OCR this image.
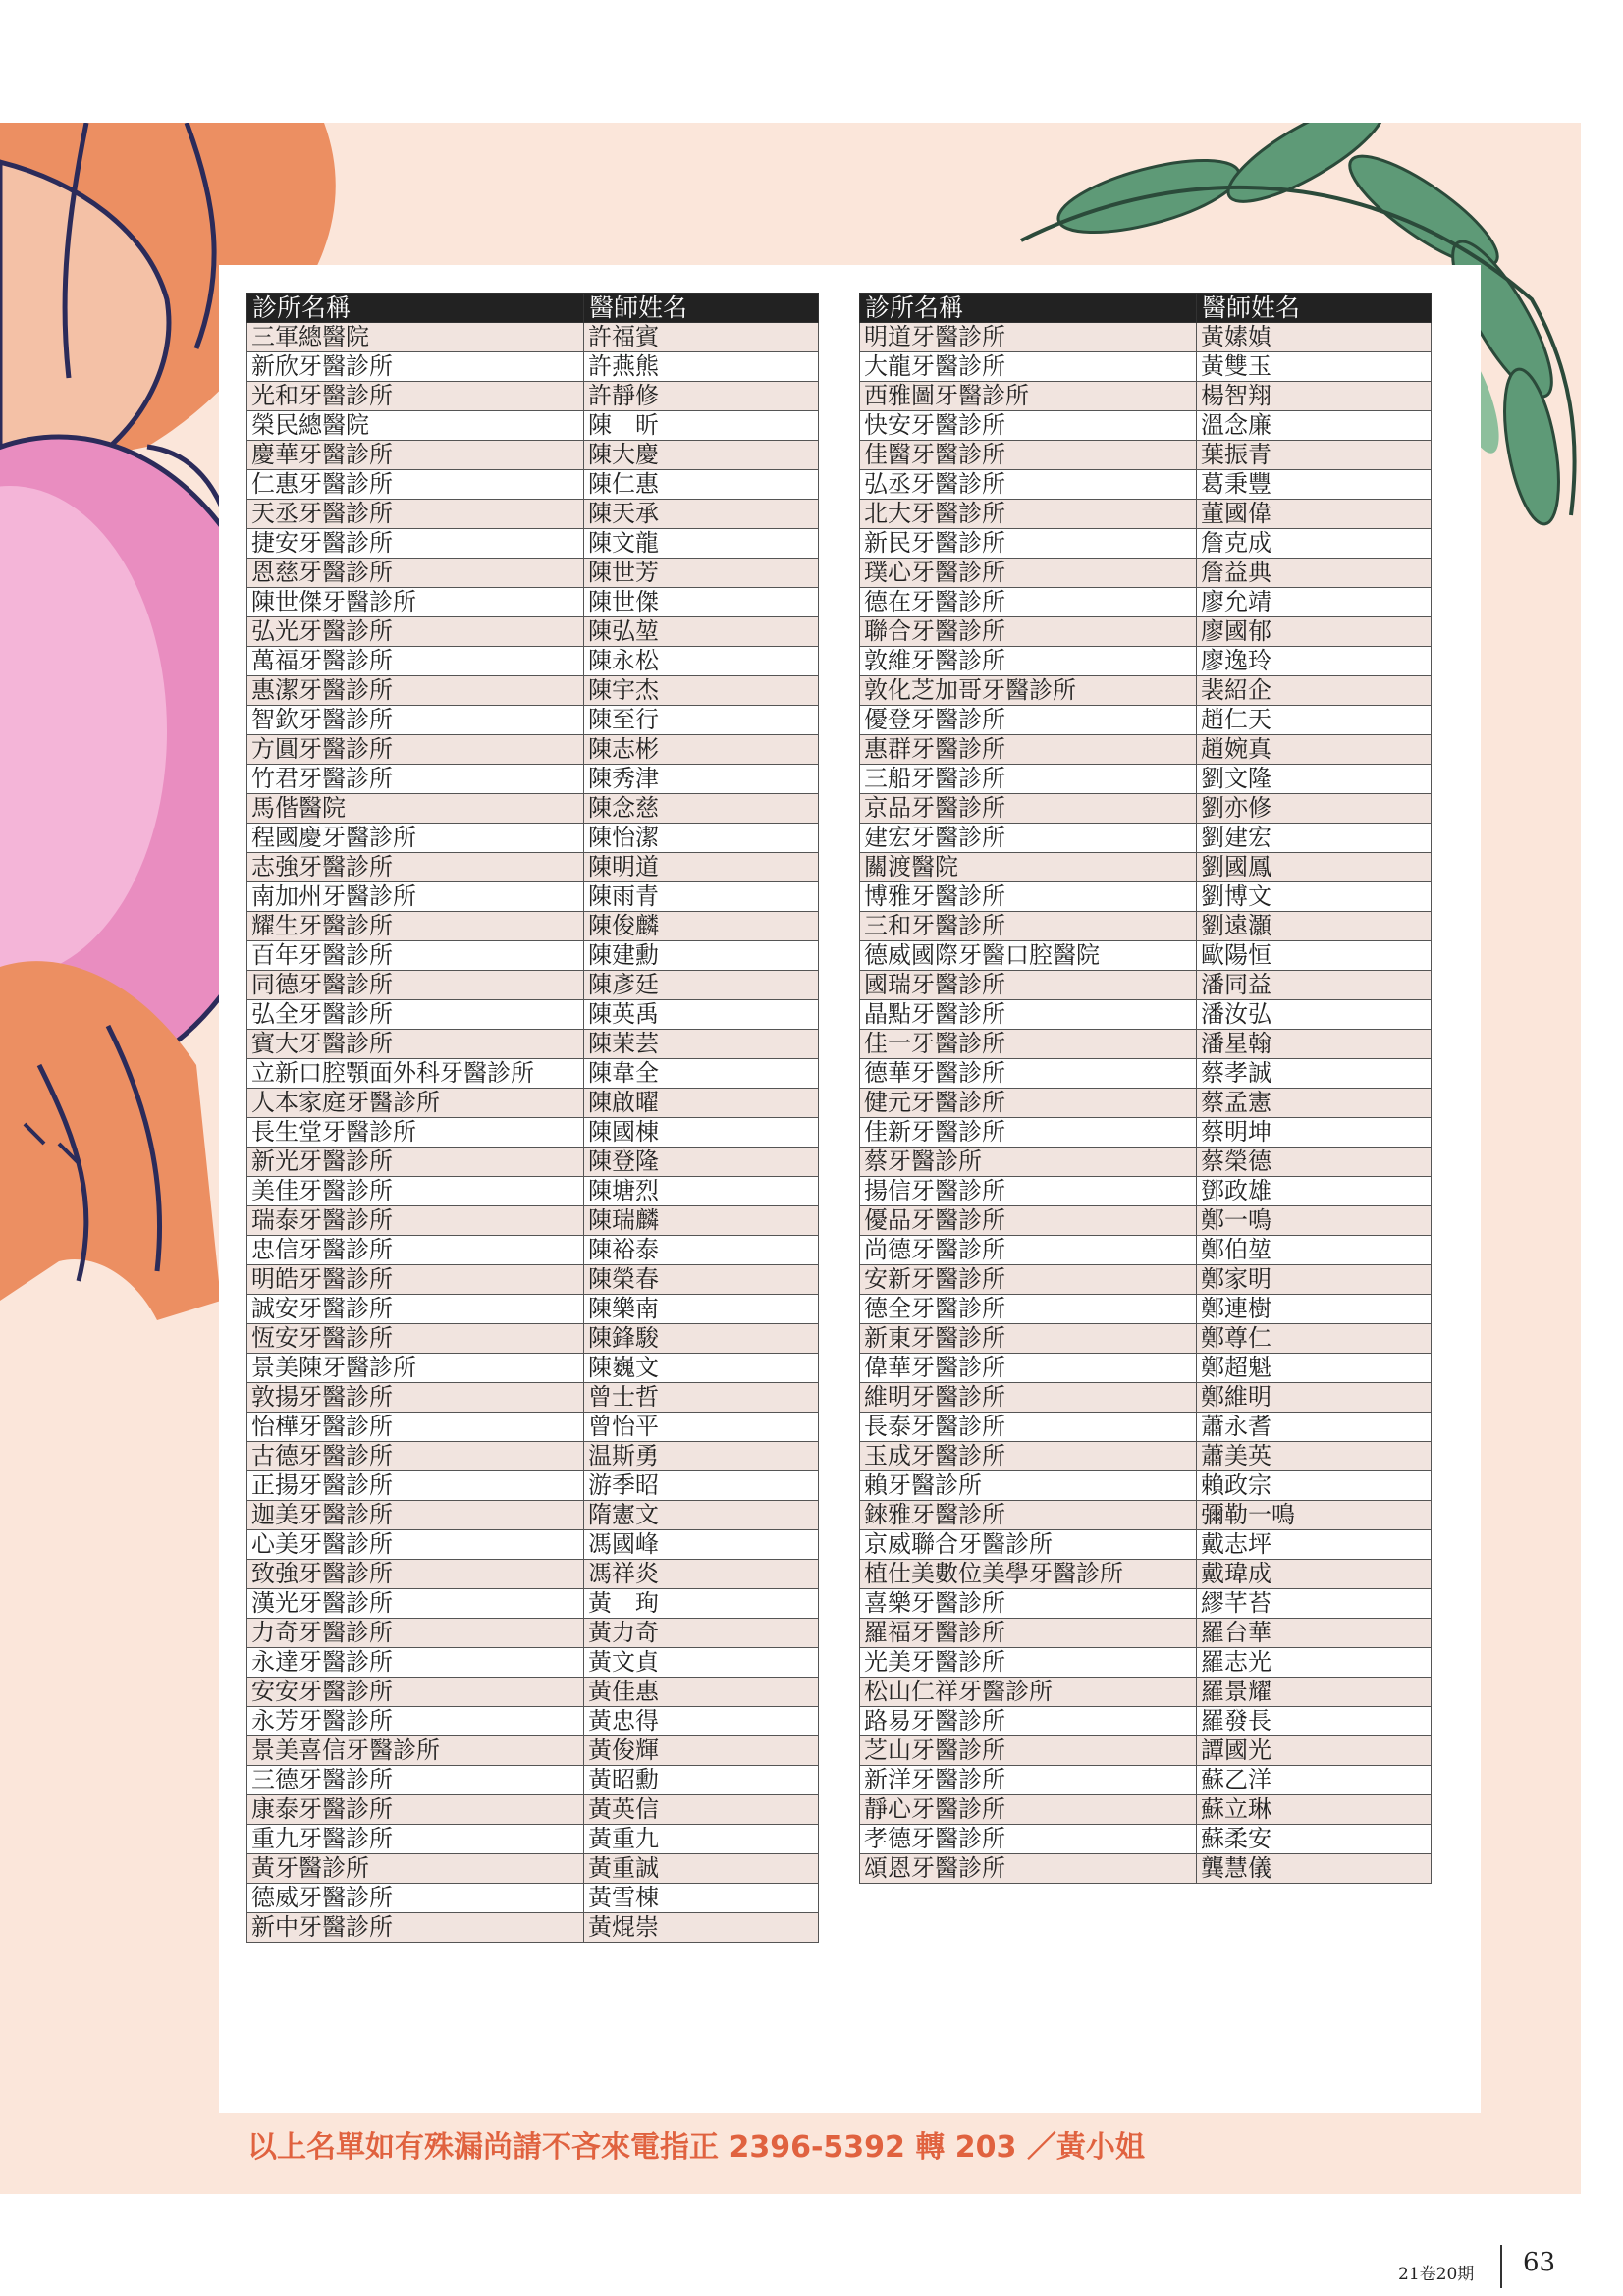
診所名稱	醫師姓名
三軍總醫院	許福賓
新欣牙醫診所	許燕熊
光和牙醫診所	許靜修
榮民總醫院	陳　昕
慶華牙醫診所	陳大慶
仁惠牙醫診所	陳仁惠
天丞牙醫診所	陳天承
捷安牙醫診所	陳文龍
恩慈牙醫診所	陳世芳
陳世傑牙醫診所	陳世傑
弘光牙醫診所	陳弘堃
萬福牙醫診所	陳永松
惠潔牙醫診所	陳宇杰
智欽牙醫診所	陳至行
方圓牙醫診所	陳志彬
竹君牙醫診所	陳秀津
馬偕醫院	陳念慈
程國慶牙醫診所	陳怡潔
志強牙醫診所	陳明道
南加州牙醫診所	陳雨青
耀生牙醫診所	陳俊麟
百年牙醫診所	陳建勳
同德牙醫診所	陳彥廷
弘全牙醫診所	陳英禹
賓大牙醫診所	陳茉芸
立新口腔顎面外科牙醫診所	陳韋全
人本家庭牙醫診所	陳啟曜
長生堂牙醫診所	陳國棟
新光牙醫診所	陳登隆
美佳牙醫診所	陳塘烈
瑞泰牙醫診所	陳瑞麟
忠信牙醫診所	陳裕泰
明皓牙醫診所	陳榮春
誠安牙醫診所	陳樂南
恆安牙醫診所	陳鋒駿
景美陳牙醫診所	陳巍文
敦揚牙醫診所	曾士哲
怡樺牙醫診所	曾怡平
古德牙醫診所	温斯勇
正揚牙醫診所	游季昭
迦美牙醫診所	隋憲文
心美牙醫診所	馮國峰
致強牙醫診所	馮祥炎
漢光牙醫診所	黃　珣
力奇牙醫診所	黃力奇
永達牙醫診所	黃文貞
安安牙醫診所	黃佳惠
永芳牙醫診所	黃忠得
景美喜信牙醫診所	黃俊輝
三德牙醫診所	黃昭勳
康泰牙醫診所	黃英信
重九牙醫診所	黃重九
黃牙醫診所	黃重誠
德威牙醫診所	黃雪棟
新中牙醫診所	黃焜崇
診所名稱	醫師姓名
明道牙醫診所	黃嫊媜
大龍牙醫診所	黃雙玉
西雅圖牙醫診所	楊智翔
快安牙醫診所	溫念廉
佳醫牙醫診所	葉振青
弘丞牙醫診所	葛秉豐
北大牙醫診所	董國偉
新民牙醫診所	詹克成
璞心牙醫診所	詹益典
德在牙醫診所	廖允靖
聯合牙醫診所	廖國郁
敦維牙醫診所	廖逸玲
敦化芝加哥牙醫診所	裴紹企
優登牙醫診所	趙仁天
惠群牙醫診所	趙婉真
三船牙醫診所	劉文隆
京品牙醫診所	劉亦修
建宏牙醫診所	劉建宏
關渡醫院	劉國鳳
博雅牙醫診所	劉博文
三和牙醫診所	劉遠灝
德威國際牙醫口腔醫院	歐陽恒
國瑞牙醫診所	潘同益
晶點牙醫診所	潘汝弘
佳一牙醫診所	潘星翰
德華牙醫診所	蔡孝誠
健元牙醫診所	蔡孟憲
佳新牙醫診所	蔡明坤
蔡牙醫診所	蔡榮德
揚信牙醫診所	鄧政雄
優品牙醫診所	鄭一鳴
尚德牙醫診所	鄭伯堃
安新牙醫診所	鄭家明
德全牙醫診所	鄭連樹
新東牙醫診所	鄭尊仁
偉華牙醫診所	鄭超魁
維明牙醫診所	鄭維明
長泰牙醫診所	蕭永耆
玉成牙醫診所	蕭美英
賴牙醫診所	賴政宗
錸雅牙醫診所	彌勒一鳴
京威聯合牙醫診所	戴志坪
植仕美數位美學牙醫診所	戴瑋成
喜樂牙醫診所	繆芊苔
羅福牙醫診所	羅台華
光美牙醫診所	羅志光
松山仁祥牙醫診所	羅景耀
路易牙醫診所	羅發長
芝山牙醫診所	譚國光
新洋牙醫診所	蘇乙洋
靜心牙醫診所	蘇立琳
孝德牙醫診所	蘇柔安
頌恩牙醫診所	龔慧儀
以上名單如有殊漏尚請不吝來電指正 2396-5392 轉 203 ／黃小姐
21卷20期 63
